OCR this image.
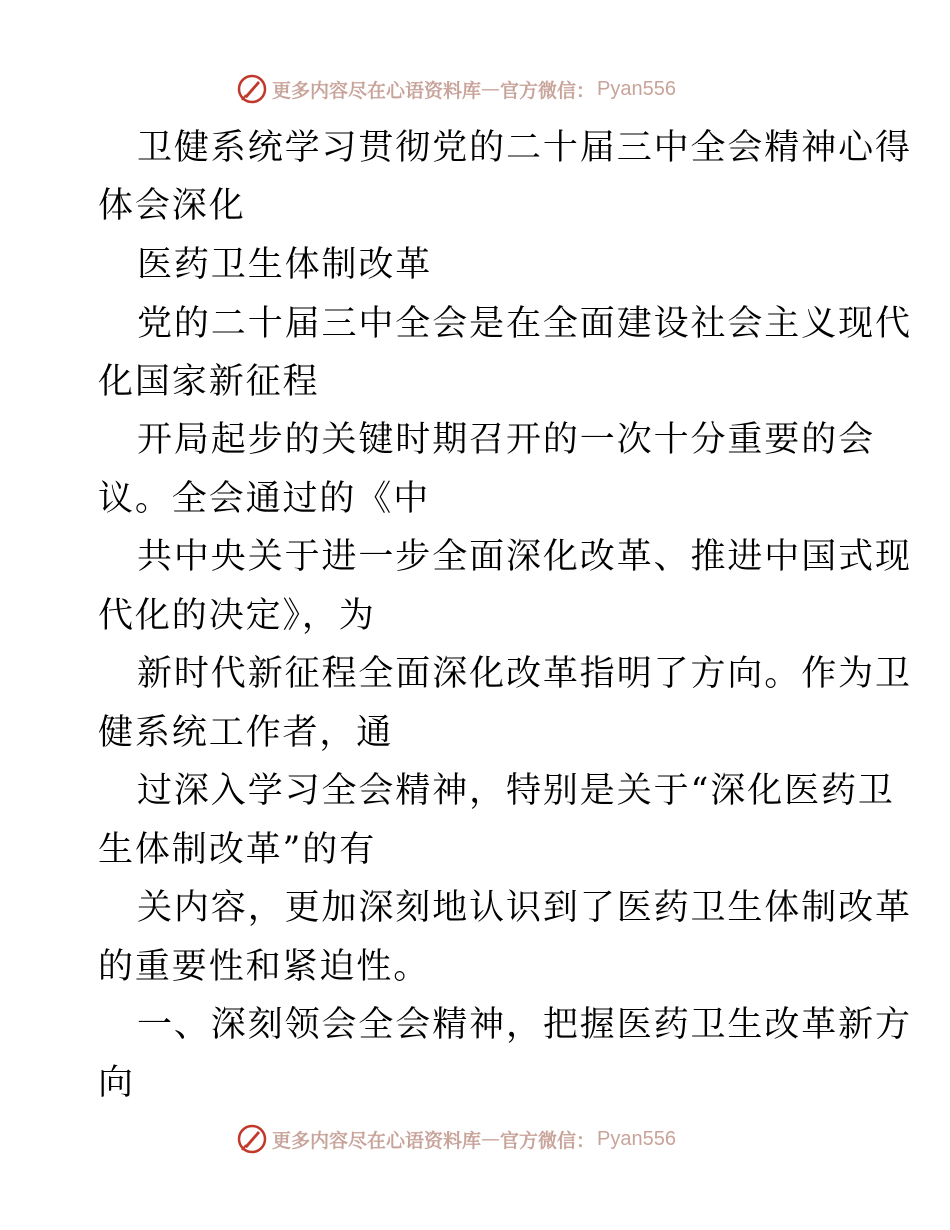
更多内容尽在心语资料库 — 官方微信： Pyan556
卫健系统学习贯彻党的二十届三中全会精神心得
体会深化
医药卫生体制改革
党的二十届三中全会是在全面建设社会主义现代
化国家新征程
开局起步的关键时期召开的一次十分重要的会
议。全会通过的《中
共中央关于进一步全面深化改革、推进中国式现
代化的决定》，为
新时代新征程全面深化改革指明了方向。作为卫
健系统工作者，通
过深入学习全会精神，特别是关于“深化医药卫
生体制改革”的有
关内容，更加深刻地认识到了医药卫生体制改革
的重要性和紧迫性。
一、深刻领会全会精神，把握医药卫生改革新方
向
更多内容尽在心语资料库 — 官方微信： Pyan556
